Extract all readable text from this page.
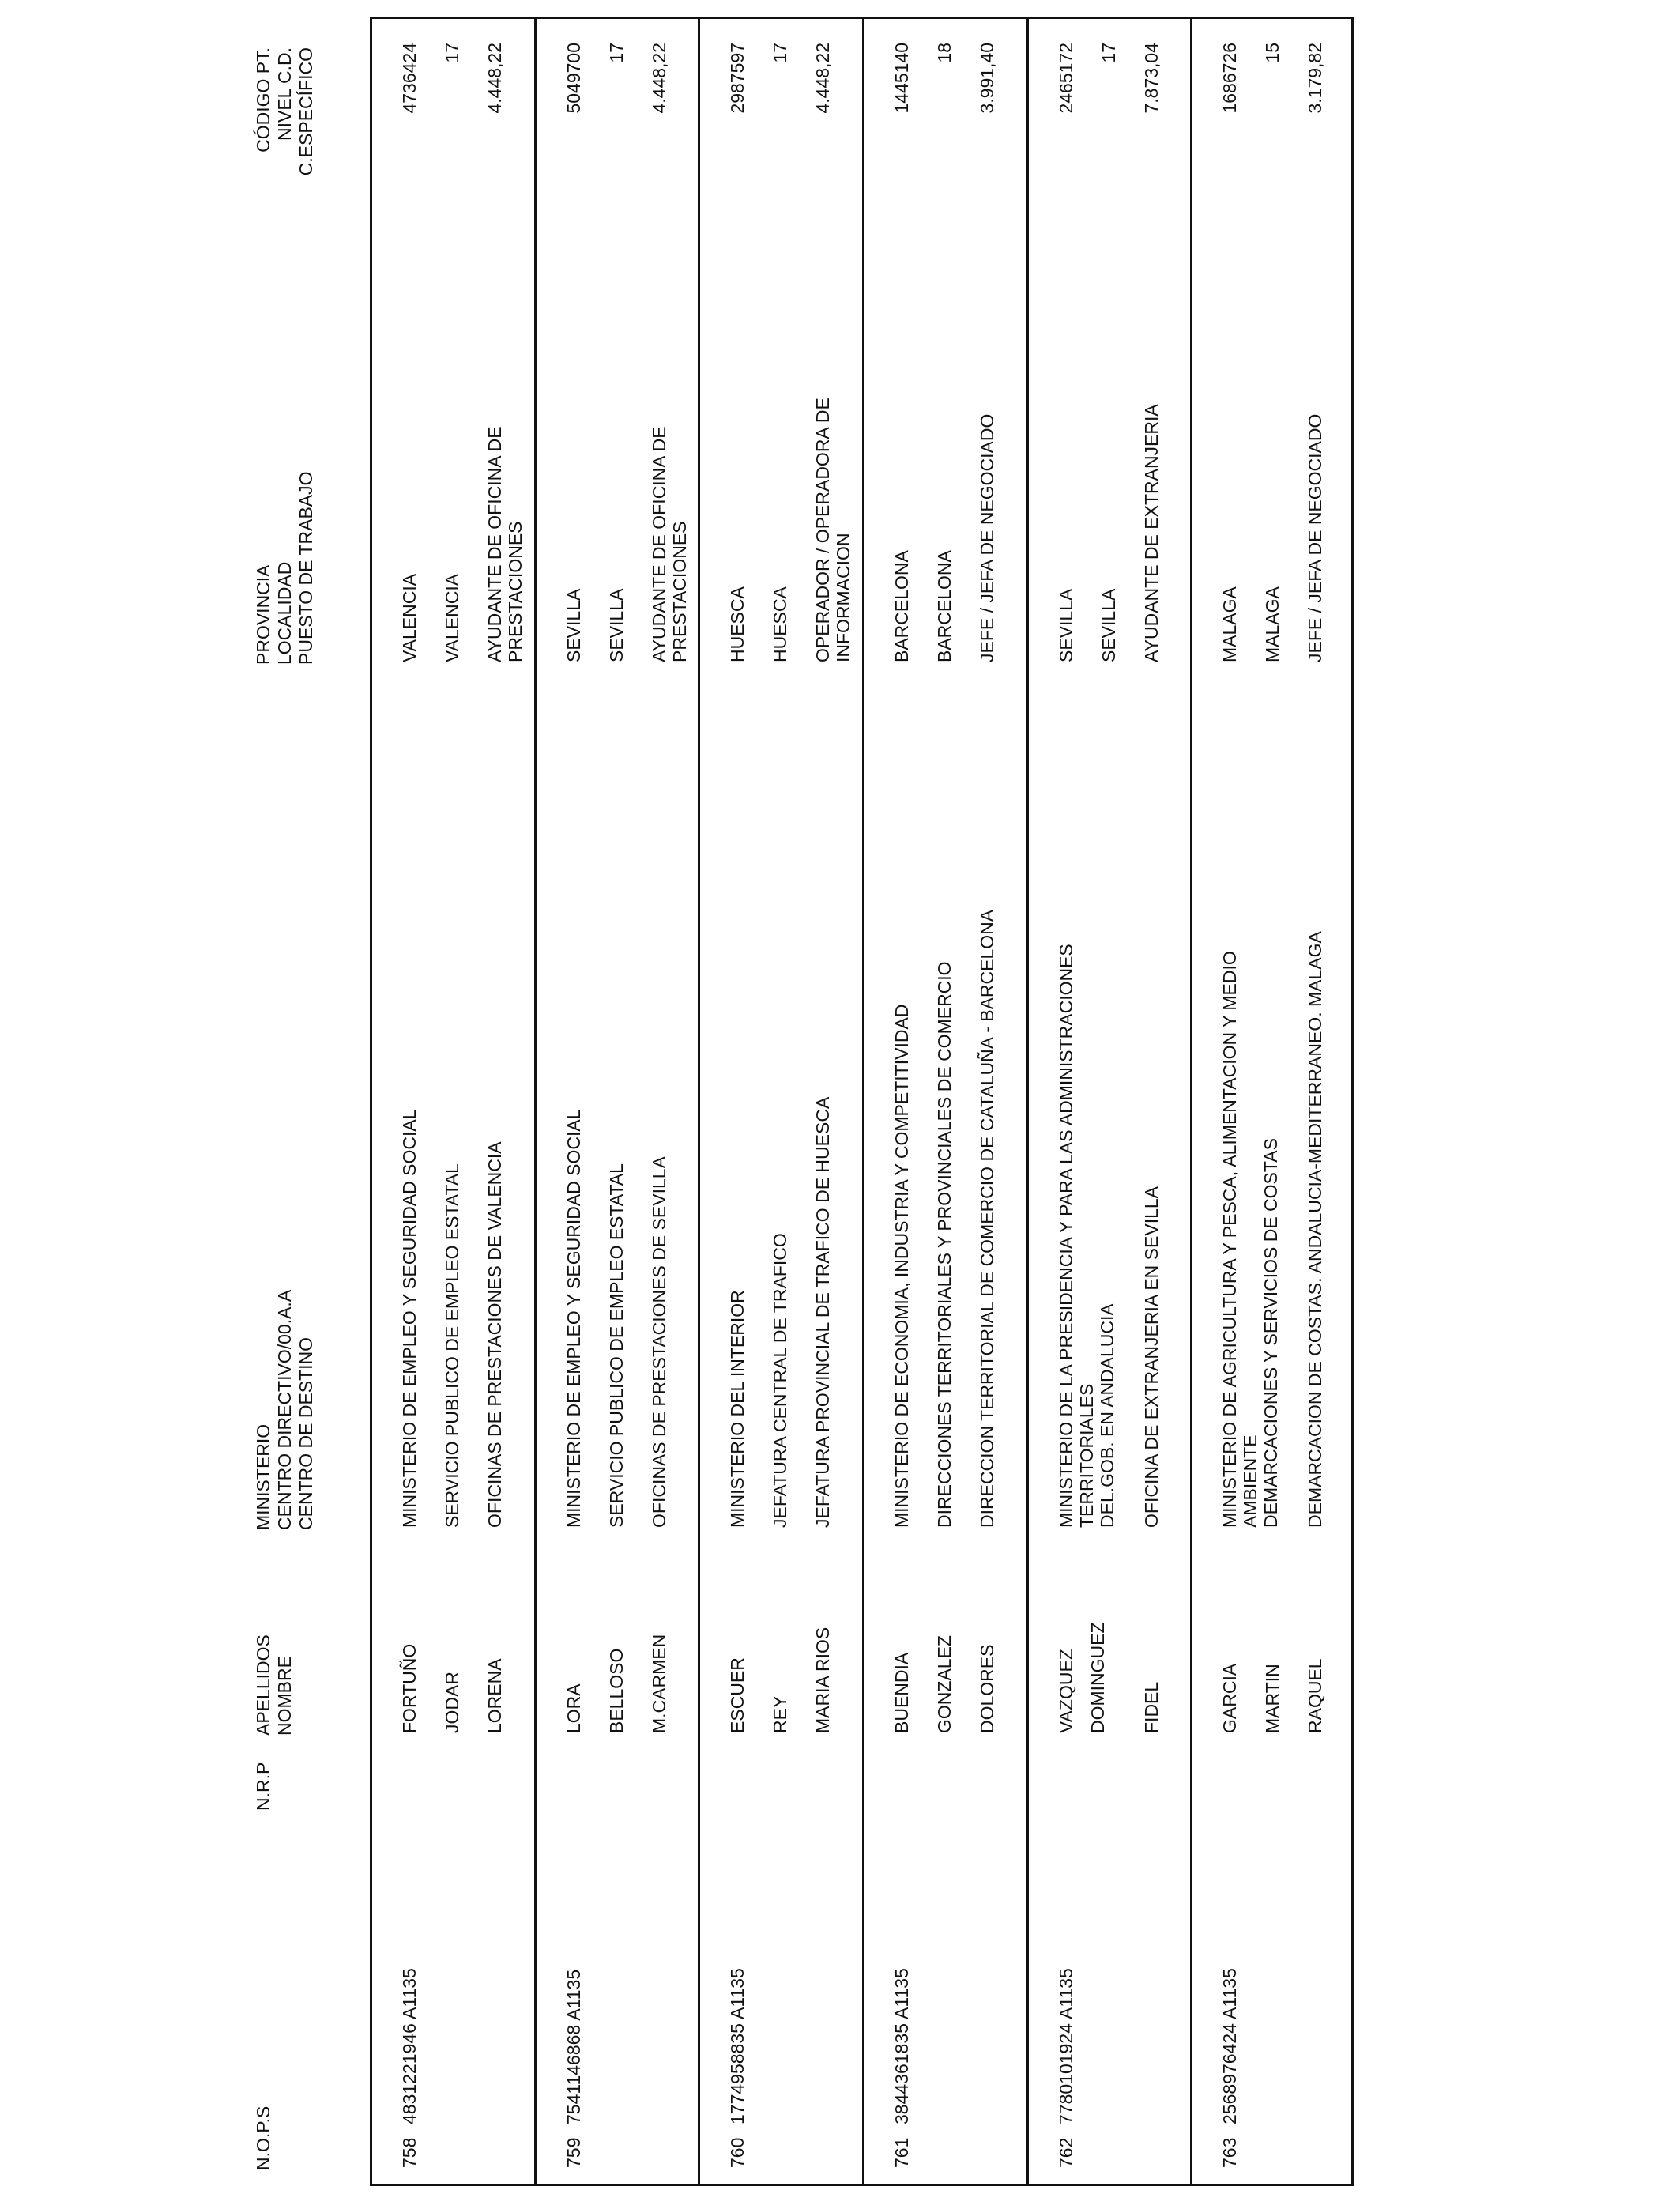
N.O.P.S
N.R.P
APELLIDOS
NOMBRE
MINISTERIO
CENTRO DIRECTIVO/00.A.A
CENTRO DE DESTINO
PROVINCIA
LOCALIDAD
PUESTO DE TRABAJO
CÓDIGO PT.
NIVEL C.D.
C.ESPECÍFICO
758
4831221946 A1135
FORTUÑO JODAR LORENA
MINISTERIO DE EMPLEO Y SEGURIDAD SOCIAL SERVICIO PUBLICO DE EMPLEO ESTATAL OFICINAS DE PRESTACIONES DE VALENCIA
VALENCIA VALENCIA AYUDANTE DE OFICINA DE
PRESTACIONES
4736424 17 4.448,22
759
7541146868 A1135
LORA BELLOSO M.CARMEN
MINISTERIO DE EMPLEO Y SEGURIDAD SOCIAL SERVICIO PUBLICO DE EMPLEO ESTATAL OFICINAS DE PRESTACIONES DE SEVILLA
SEVILLA SEVILLA AYUDANTE DE OFICINA DE
PRESTACIONES
5049700 17 4.448,22
760
1774958835 A1135
ESCUER REY MARIA RIOS
MINISTERIO DEL INTERIOR JEFATURA CENTRAL DE TRAFICO JEFATURA PROVINCIAL DE TRAFICO DE HUESCA
HUESCA HUESCA OPERADOR / OPERADORA DE
INFORMACION
2987597 17 4.448,22
761
3844361835 A1135
BUENDIA GONZALEZ DOLORES
MINISTERIO DE ECONOMIA, INDUSTRIA Y COMPETITIVIDAD DIRECCIONES TERRITORIALES Y PROVINCIALES DE COMERCIO DIRECCION TERRITORIAL DE COMERCIO DE CATALUÑA - BARCELONA
BARCELONA BARCELONA JEFE / JEFA DE NEGOCIADO
1445140 18 3.991,40
762
7780101924 A1135
VAZQUEZ DOMINGUEZ FIDEL
MINISTERIO DE LA PRESIDENCIA Y PARA LAS ADMINISTRACIONES
TERRITORIALES DEL.GOB. EN ANDALUCIA OFICINA DE EXTRANJERIA EN SEVILLA
SEVILLA SEVILLA AYUDANTE DE EXTRANJERIA
2465172 17 7.873,04
763
2568976424 A1135
GARCIA MARTIN RAQUEL
MINISTERIO DE AGRICULTURA Y PESCA, ALIMENTACION Y MEDIO
AMBIENTE DEMARCACIONES Y SERVICIOS DE COSTAS DEMARCACION DE COSTAS. ANDALUCIA-MEDITERRANEO. MALAGA
MALAGA MALAGA JEFE / JEFA DE NEGOCIADO
1686726 15 3.179,82
